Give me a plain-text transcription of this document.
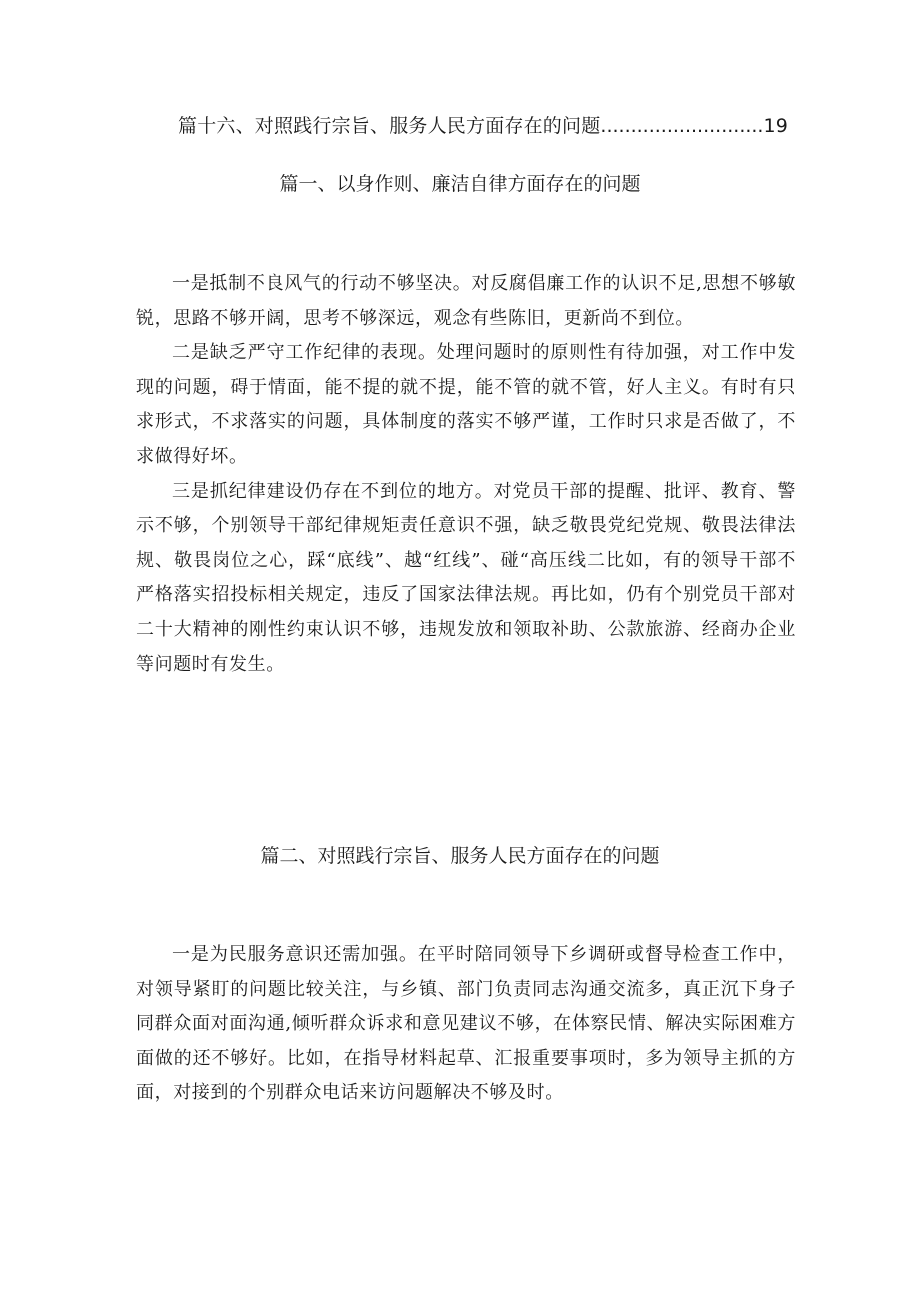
篇十六、对照践行宗旨、服务人民方面存在的问题...........................19
篇一、以身作则、廉洁自律方面存在的问题

一是抵制不良风气的行动不够坚决。对反腐倡廉工作的认识不足,思想不够敏锐，思路不够开阔，思考不够深远，观念有些陈旧，更新尚不到位。

二是缺乏严守工作纪律的表现。处理问题时的原则性有待加强，对工作中发现的问题，碍于情面，能不提的就不提，能不管的就不管，好人主义。有时有只求形式，不求落实的问题，具体制度的落实不够严谨，工作时只求是否做了，不求做得好坏。

三是抓纪律建设仍存在不到位的地方。对党员干部的提醒、批评、教育、警示不够，个别领导干部纪律规矩责任意识不强，缺乏敬畏党纪党规、敬畏法律法规、敬畏岗位之心，踩“底线”、越“红线”、碰“高压线二比如，有的领导干部不严格落实招投标相关规定，违反了国家法律法规。再比如，仍有个别党员干部对二十大精神的刚性约束认识不够，违规发放和领取补助、公款旅游、经商办企业等问题时有发生。

篇二、对照践行宗旨、服务人民方面存在的问题

一是为民服务意识还需加强。在平时陪同领导下乡调研或督导检查工作中，对领导紧盯的问题比较关注，与乡镇、部门负责同志沟通交流多，真正沉下身子同群众面对面沟通,倾听群众诉求和意见建议不够，在体察民情、解决实际困难方面做的还不够好。比如，在指导材料起草、汇报重要事项时，多为领导主抓的方面，对接到的个别群众电话来访问题解决不够及时。
